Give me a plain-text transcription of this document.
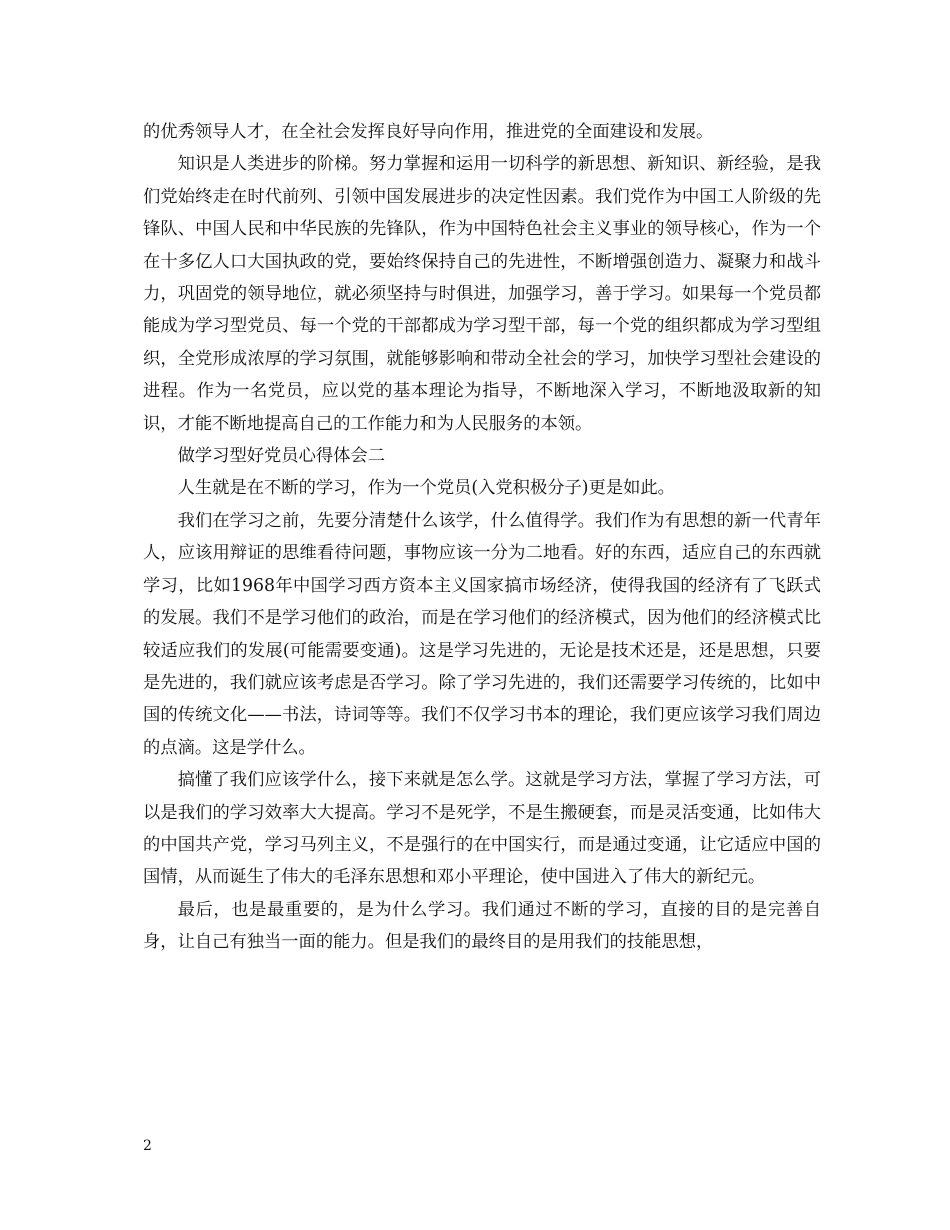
的优秀领导人才，在全社会发挥良好导向作用，推进党的全面建设和发展。

知识是人类进步的阶梯。努力掌握和运用一切科学的新思想、新知识、新经验，是我们党始终走在时代前列、引领中国发展进步的决定性因素。我们党作为中国工人阶级的先锋队、中国人民和中华民族的先锋队，作为中国特色社会主义事业的领导核心，作为一个在十多亿人口大国执政的党，要始终保持自己的先进性，不断增强创造力、凝聚力和战斗力，巩固党的领导地位，就必须坚持与时俱进，加强学习，善于学习。如果每一个党员都能成为学习型党员、每一个党的干部都成为学习型干部，每一个党的组织都成为学习型组织，全党形成浓厚的学习氛围，就能够影响和带动全社会的学习，加快学习型社会建设的进程。作为一名党员，应以党的基本理论为指导，不断地深入学习，不断地汲取新的知识，才能不断地提高自己的工作能力和为人民服务的本领。

做学习型好党员心得体会二

人生就是在不断的学习，作为一个党员(入党积极分子)更是如此。

我们在学习之前，先要分清楚什么该学，什么值得学。我们作为有思想的新一代青年人，应该用辩证的思维看待问题，事物应该一分为二地看。好的东西，适应自己的东西就学习，比如1968年中国学习西方资本主义国家搞市场经济，使得我国的经济有了飞跃式的发展。我们不是学习他们的政治，而是在学习他们的经济模式，因为他们的经济模式比较适应我们的发展(可能需要变通)。这是学习先进的，无论是技术还是，还是思想，只要是先进的，我们就应该考虑是否学习。除了学习先进的，我们还需要学习传统的，比如中国的传统文化——书法，诗词等等。我们不仅学习书本的理论，我们更应该学习我们周边的点滴。这是学什么。

搞懂了我们应该学什么，接下来就是怎么学。这就是学习方法，掌握了学习方法，可以是我们的学习效率大大提高。学习不是死学，不是生搬硬套，而是灵活变通，比如伟大的中国共产党，学习马列主义，不是强行的在中国实行，而是通过变通，让它适应中国的国情，从而诞生了伟大的毛泽东思想和邓小平理论，使中国进入了伟大的新纪元。

最后，也是最重要的，是为什么学习。我们通过不断的学习，直接的目的是完善自身，让自己有独当一面的能力。但是我们的最终目的是用我们的技能思想，

2
